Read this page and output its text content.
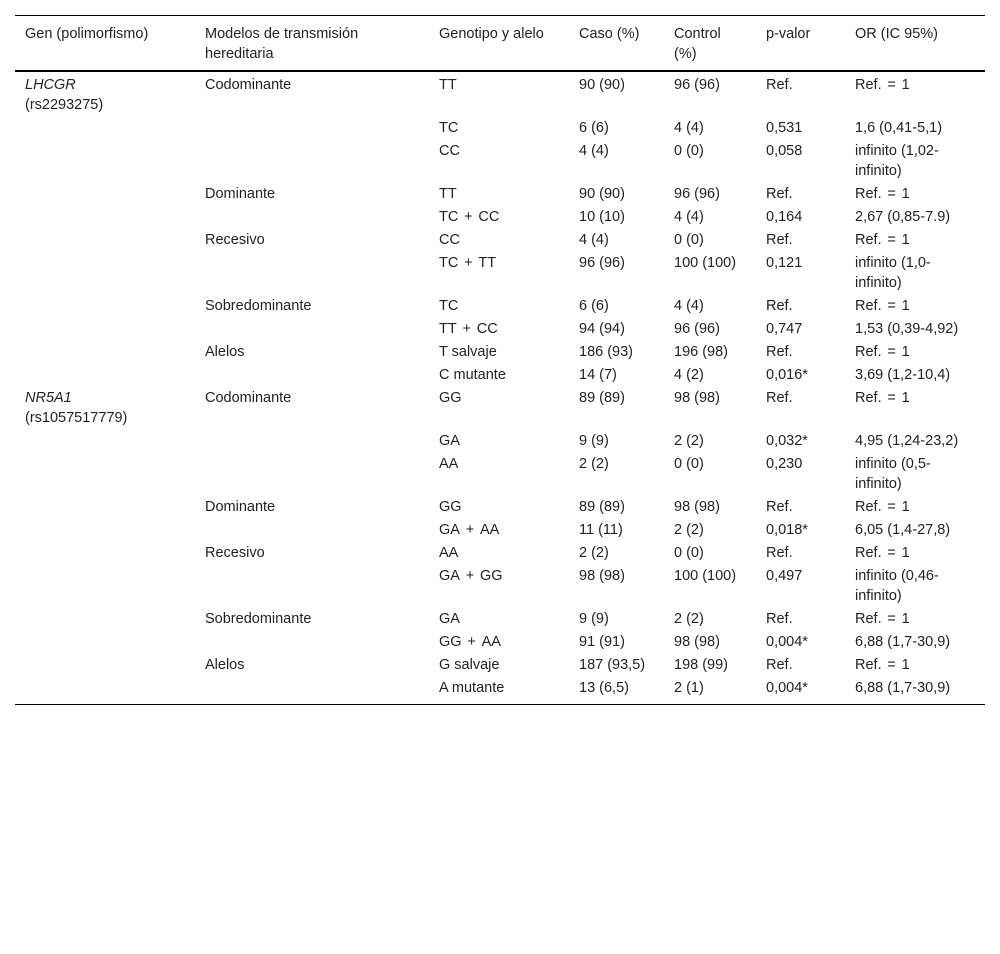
Gen (polimorfismo)	Modelos de transmisión hereditaria	Genotipo y alelo	Caso (%)	Control (%)	p-valor	OR (IC 95%)
LHCGR
(rs2293275)	Codominante	TT	90 (90)	96 (96)	Ref.	Ref.=1

		TC	6 (6)	4 (4)	0,531	1,6 (0,41-5,1)

		CC	4 (4)	0 (0)	0,058	infinito (1,02-infinito)

	Dominante	TT	90 (90)	96 (96)	Ref.	Ref.=1

		TC+CC	10 (10)	4 (4)	0,164	2,67 (0,85-7.9)

	Recesivo	CC	4 (4)	0 (0)	Ref.	Ref.=1

		TC+TT	96 (96)	100 (100)	0,121	infinito (1,0-infinito)

	Sobredominante	TC	6 (6)	4 (4)	Ref.	Ref.=1

		TT+CC	94 (94)	96 (96)	0,747	1,53 (0,39-4,92)

	Alelos	T salvaje	186 (93)	196 (98)	Ref.	Ref.=1

		C mutante	14 (7)	4 (2)	0,016*	3,69 (1,2-10,4)
NR5A1
(rs1057517779)	Codominante	GG	89 (89)	98 (98)	Ref.	Ref.=1

		GA	9 (9)	2 (2)	0,032*	4,95 (1,24-23,2)

		AA	2 (2)	0 (0)	0,230	infinito (0,5-infinito)

	Dominante	GG	89 (89)	98 (98)	Ref.	Ref.=1

		GA+AA	11 (11)	2 (2)	0,018*	6,05 (1,4-27,8)

	Recesivo	AA	2 (2)	0 (0)	Ref.	Ref.=1

		GA+GG	98 (98)	100 (100)	0,497	infinito (0,46-infinito)

	Sobredominante	GA	9 (9)	2 (2)	Ref.	Ref.=1

		GG+AA	91 (91)	98 (98)	0,004*	6,88 (1,7-30,9)

	Alelos	G salvaje	187 (93,5)	198 (99)	Ref.	Ref.=1

		A mutante	13 (6,5)	2 (1)	0,004*	6,88 (1,7-30,9)
